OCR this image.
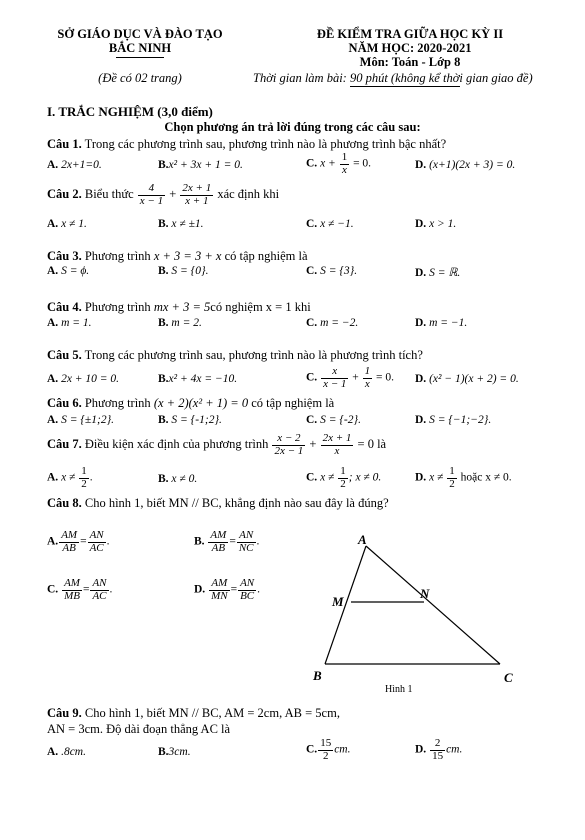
SỞ GIÁO DỤC VÀ ĐÀO TẠO
BẮC NINH
(Đề có 02 trang)
ĐỀ KIỂM TRA GIỮA HỌC KỲ II
NĂM HỌC: 2020-2021
Môn: Toán - Lớp 8
Thời gian làm bài: 90 phút (không kể thời gian giao đề)
I. TRẮC NGHIỆM (3,0 điểm)
Chọn phương án trả lời đúng trong các câu sau:
Câu 1. Trong các phương trình sau, phương trình nào là phương trình bậc nhất?
A. 2x+1=0.	B.x² + 3x + 1 = 0.	C. $x + \frac{1}{x} = 0$.	D. (x+1)(2x + 3) = 0.
Câu 2. Biểu thức $\frac{4}{x - 1} + \frac{2x + 1}{x + 1}$ xác định khi
A. x ≠ 1.	B. x ≠ ±1.	C. x ≠ −1.	D. x > 1.
Câu 3. Phương trình x + 3 = 3 + x có tập nghiệm là
A. S = ϕ.	B. S = {0}.	C. S = {3}.	D. S = ℝ.
Câu 4. Phương trình mx + 3 = 5có nghiệm x = 1 khi
A. m = 1.	B. m = 2.	C. m = −2.	D. m = −1.
Câu 5. Trong các phương trình sau, phương trình nào là phương trình tích?
A. 2x + 10 = 0.	B.x² + 4x = −10.	C. $\frac{x}{x - 1} + \frac{1}{x} = 0$. D. (x² − 1)(x + 2) = 0.
Câu 6. Phương trình (x + 2)(x² + 1) = 0 có tập nghiệm là
A. S = {±1;2}.	B. S = {-1;2}.	C. S = {-2}.	D. S = {−1;−2}.
Câu 7. Điều kiện xác định của phương trình $\frac{x - 2}{2x - 1} + \frac{2x + 1}{x} = 0$ là
A. $x \ne \frac{1}{2}$ .	B. x ≠ 0.	C. $x \ne \frac{1}{2}$ ; x ≠ 0.	D. $x \ne \frac{1}{2}$ hoặc x ≠ 0.
Câu 8. Cho hình 1, biết MN // BC, khẳng định nào sau đây là đúng?
A. $\frac{AM}{AB} = \frac{AN}{AC}$ .	B. $\frac{AM}{AB} = \frac{AN}{NC}$ .
C. $\frac{AM}{MB} = \frac{AN}{AC}$ .	D. $\frac{AM}{MN} = \frac{AN}{BC}$ .
A
M
N
B	C
Hình 1
Câu 9. Cho hình 1, biết MN // BC, AM = 2cm, AB = 5cm,
AN = 3cm. Độ dài đoạn thẳng AC là
A. .8cm.	B.3cm.	C. $\frac{15}{2}$ cm.	D. $\frac{2}{15}$ cm.
